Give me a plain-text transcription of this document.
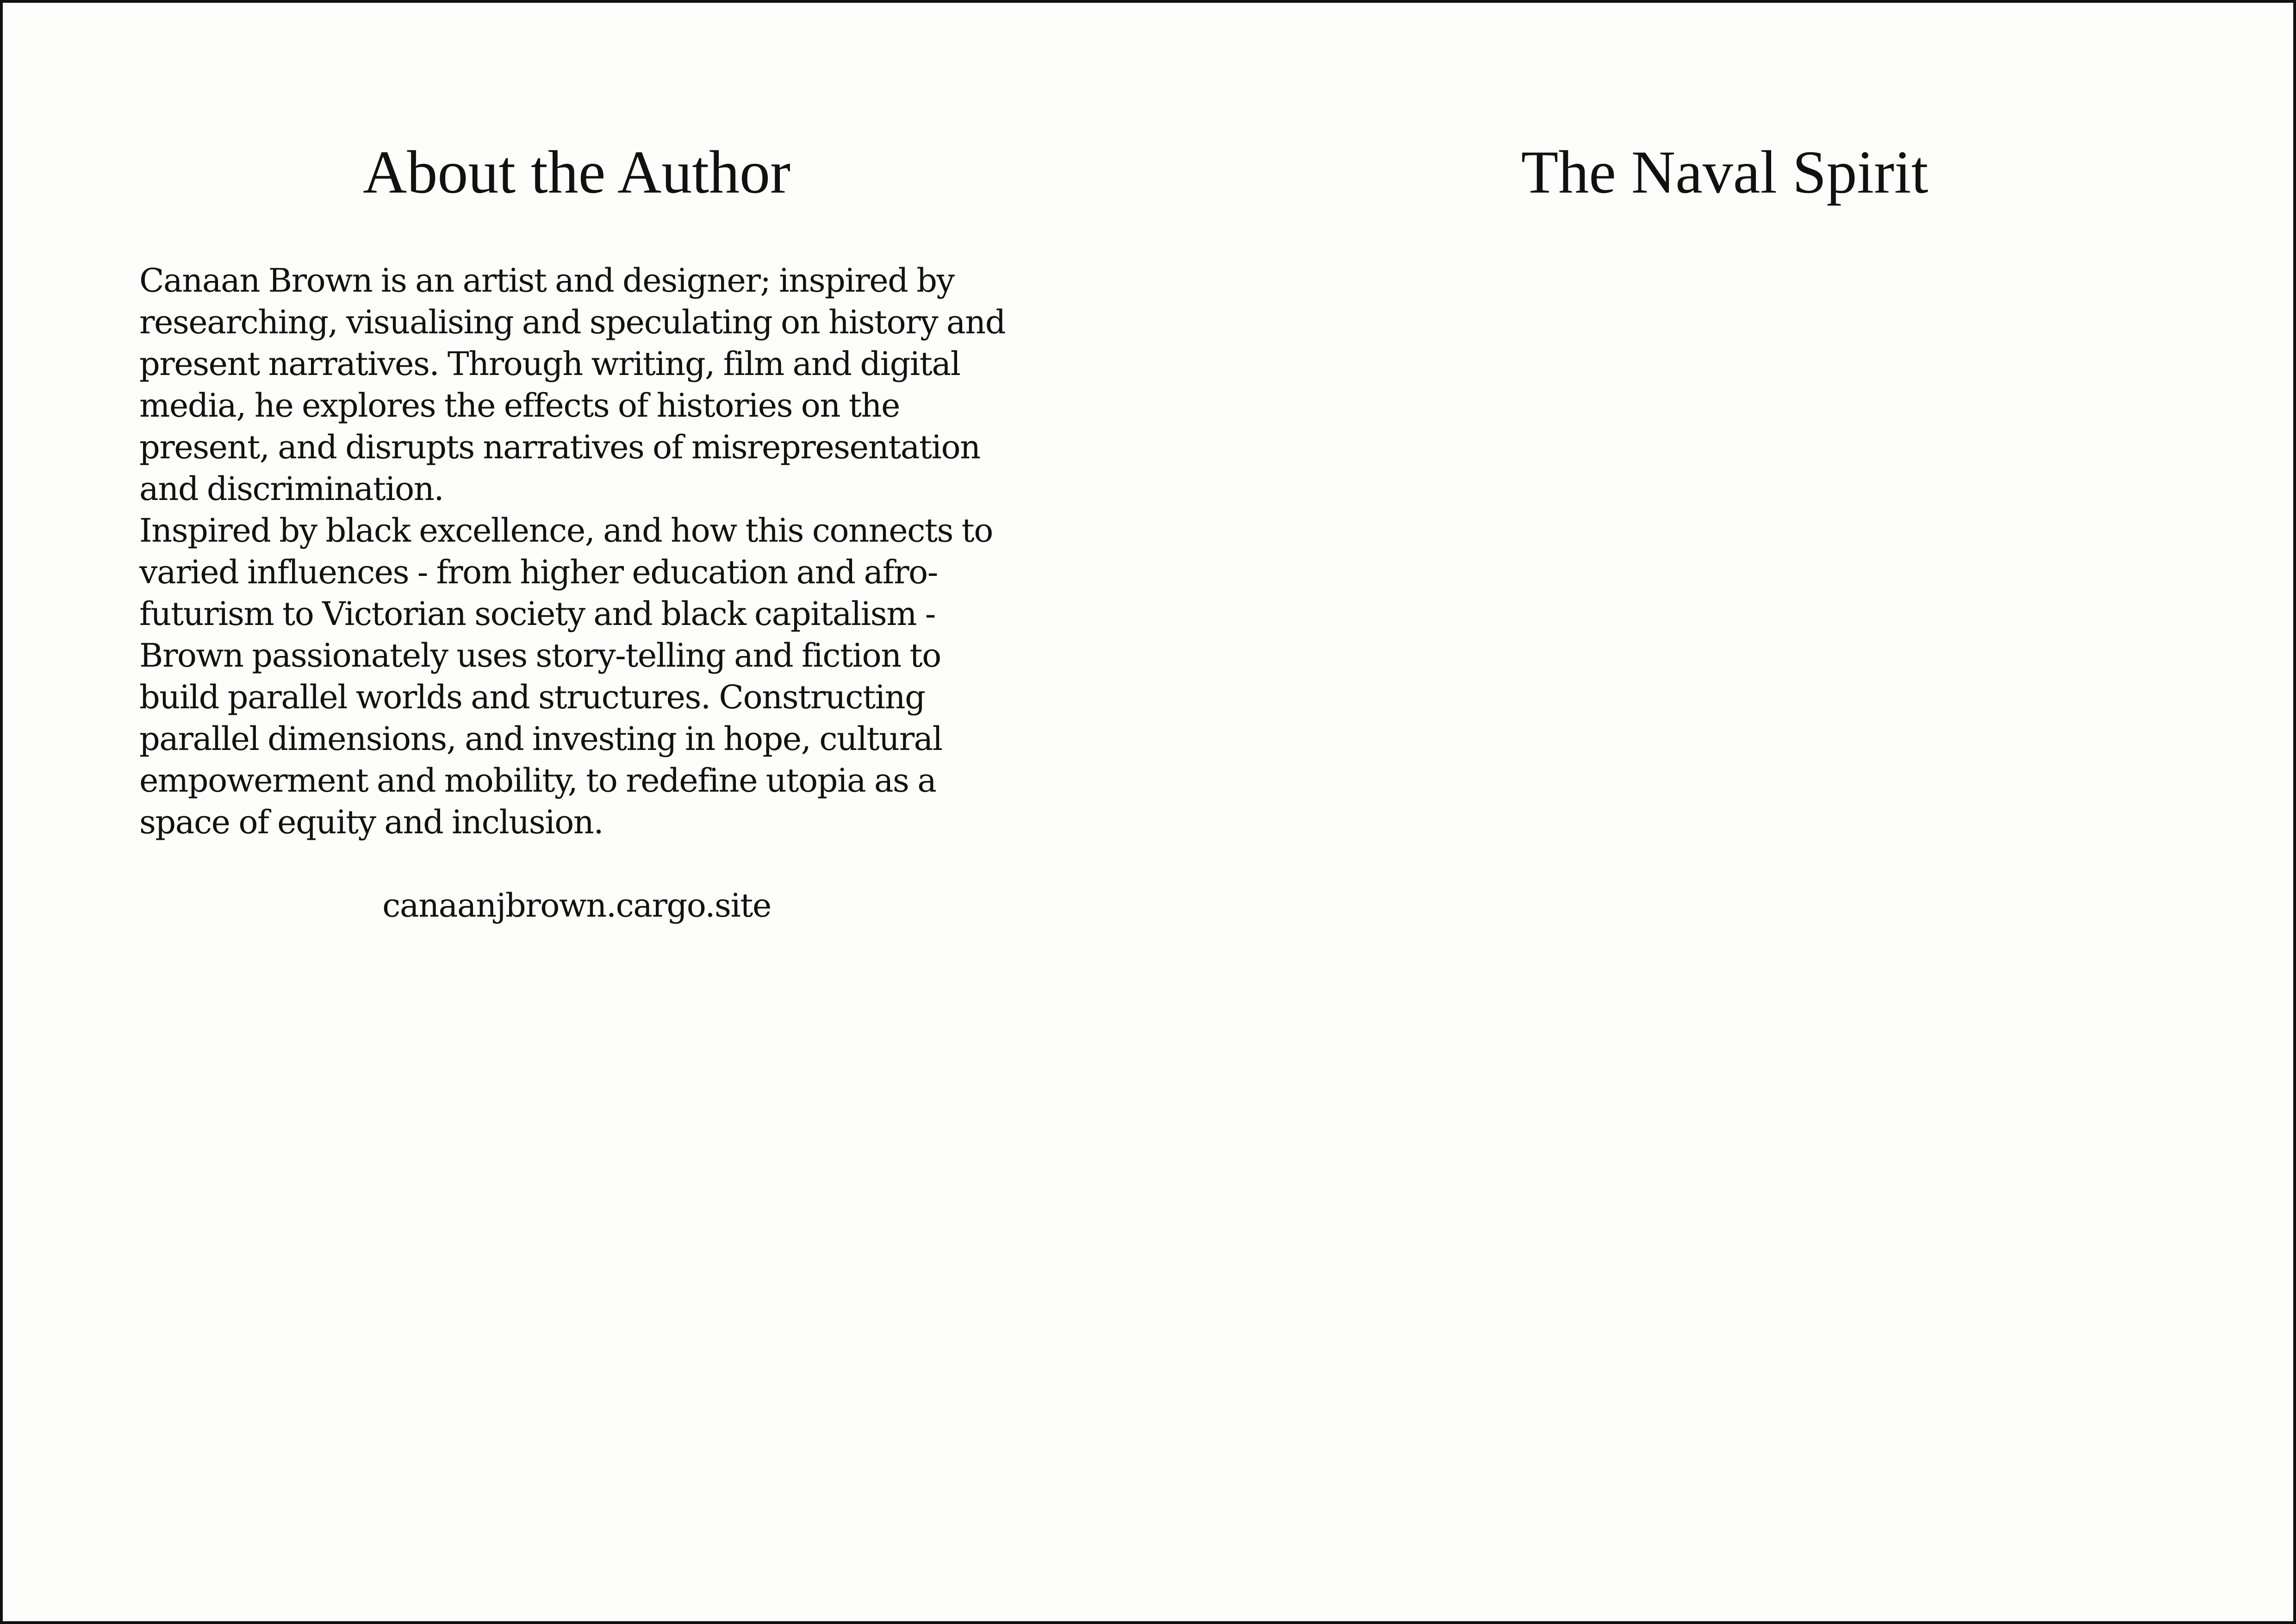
About the Author

Canaan Brown is an artist and designer; inspired by researching, visualising and speculating on history and present narratives. Through writing, film and digital media, he explores the effects of histories on the present, and disrupts narratives of misrepresentation and discrimination.

Inspired by black excellence, and how this connects to varied influences - from higher education and afro-futurism to Victorian society and black capitalism - Brown passionately uses story-telling and fiction to build parallel worlds and structures. Constructing parallel dimensions, and investing in hope, cultural empowerment and mobility, to redefine utopia as a space of equity and inclusion.

canaanjbrown.cargo.site
The Naval Spirit
